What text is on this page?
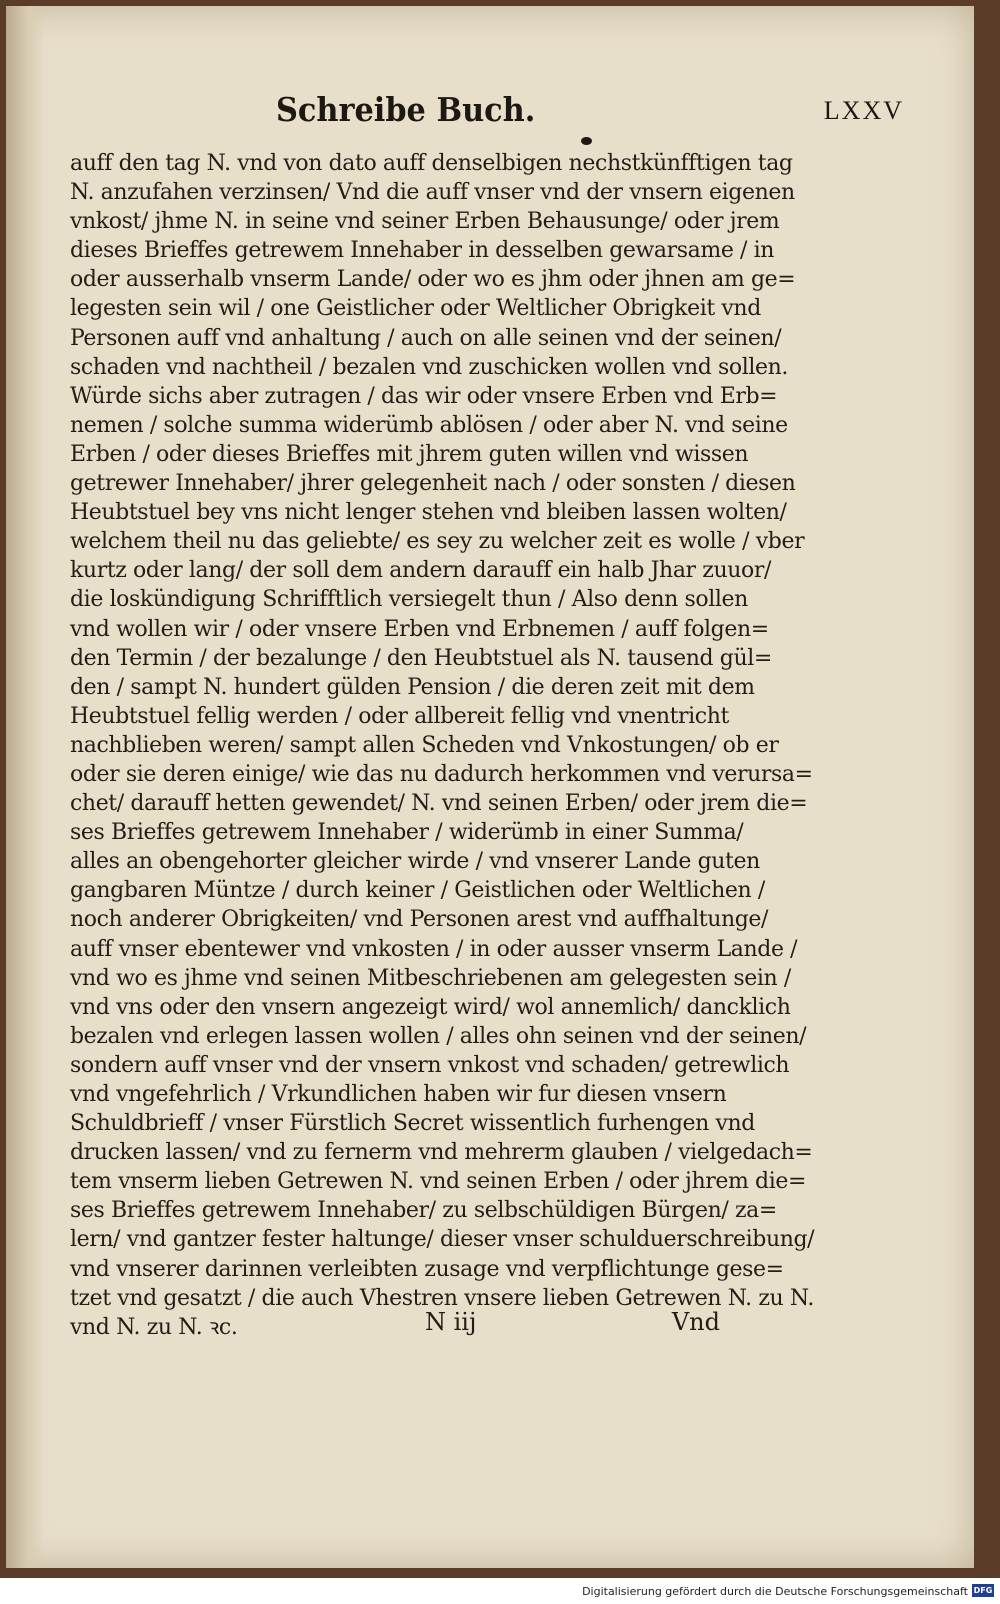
Schreibe Buch.	LXXV
auff den tag N. vnd von dato auff denselbigen nechstkünfftigen tag
N. anzufahen verzinsen/ Vnd die auff vnser vnd der vnsern eigenen
vnkost/ jhme N. in seine vnd seiner Erben Behausunge/ oder jrem
dieses Brieffes getrewem Innehaber in desselben gewarsame / in
oder ausserhalb vnserm Lande/ oder wo es jhm oder jhnen am ge=
legesten sein wil / one Geistlicher oder Weltlicher Obrigkeit vnd
Personen auff vnd anhaltung / auch on alle seinen vnd der seinen/
schaden vnd nachtheil / bezalen vnd zuschicken wollen vnd sollen.
Würde sichs aber zutragen / das wir oder vnsere Erben vnd Erb=
nemen / solche summa widerümb ablösen / oder aber N. vnd seine
Erben / oder dieses Brieffes mit jhrem guten willen vnd wissen
getrewer Innehaber/ jhrer gelegenheit nach / oder sonsten / diesen
Heubtstuel bey vns nicht lenger stehen vnd bleiben lassen wolten/
welchem theil nu das geliebte/ es sey zu welcher zeit es wolle / vber
kurtz oder lang/ der soll dem andern darauff ein halb Jhar zuuor/
die loskündigung Schrifftlich versiegelt thun / Also denn sollen
vnd wollen wir / oder vnsere Erben vnd Erbnemen / auff folgen=
den Termin / der bezalunge / den Heubtstuel als N. tausend gül=
den / sampt N. hundert gülden Pension / die deren zeit mit dem
Heubtstuel fellig werden / oder allbereit fellig vnd vnentricht
nachblieben weren/ sampt allen Scheden vnd Vnkostungen/ ob er
oder sie deren einige/ wie das nu dadurch herkommen vnd verursa=
chet/ darauff hetten gewendet/ N. vnd seinen Erben/ oder jrem die=
ses Brieffes getrewem Innehaber / widerümb in einer Summa/
alles an obengehorter gleicher wirde / vnd vnserer Lande guten
gangbaren Müntze / durch keiner / Geistlichen oder Weltlichen /
noch anderer Obrigkeiten/ vnd Personen arest vnd auffhaltunge/
auff vnser ebentewer vnd vnkosten / in oder ausser vnserm Lande /
vnd wo es jhme vnd seinen Mitbeschriebenen am gelegesten sein /
vnd vns oder den vnsern angezeigt wird/ wol annemlich/ dancklich
bezalen vnd erlegen lassen wollen / alles ohn seinen vnd der seinen/
sondern auff vnser vnd der vnsern vnkost vnd schaden/ getrewlich
vnd vngefehrlich / Vrkundlichen haben wir fur diesen vnsern
Schuldbrieff / vnser Fürstlich Secret wissentlich furhengen vnd
drucken lassen/ vnd zu fernerm vnd mehrerm glauben / vielgedach=
tem vnserm lieben Getrewen N. vnd seinen Erben / oder jhrem die=
ses Brieffes getrewem Innehaber/ zu selbschüldigen Bürgen/ za=
lern/ vnd gantzer fester haltunge/ dieser vnser schulduerschreibung/
vnd vnserer darinnen verleibten zusage vnd verpflichtunge gese=
tzet vnd gesatzt / die auch Vhestren vnsere lieben Getrewen N. zu N.
vnd N. zu N. ꝛc.	N iij	Vnd
Digitalisierung gefördert durch die Deutsche Forschungsgemeinschaft DFG
